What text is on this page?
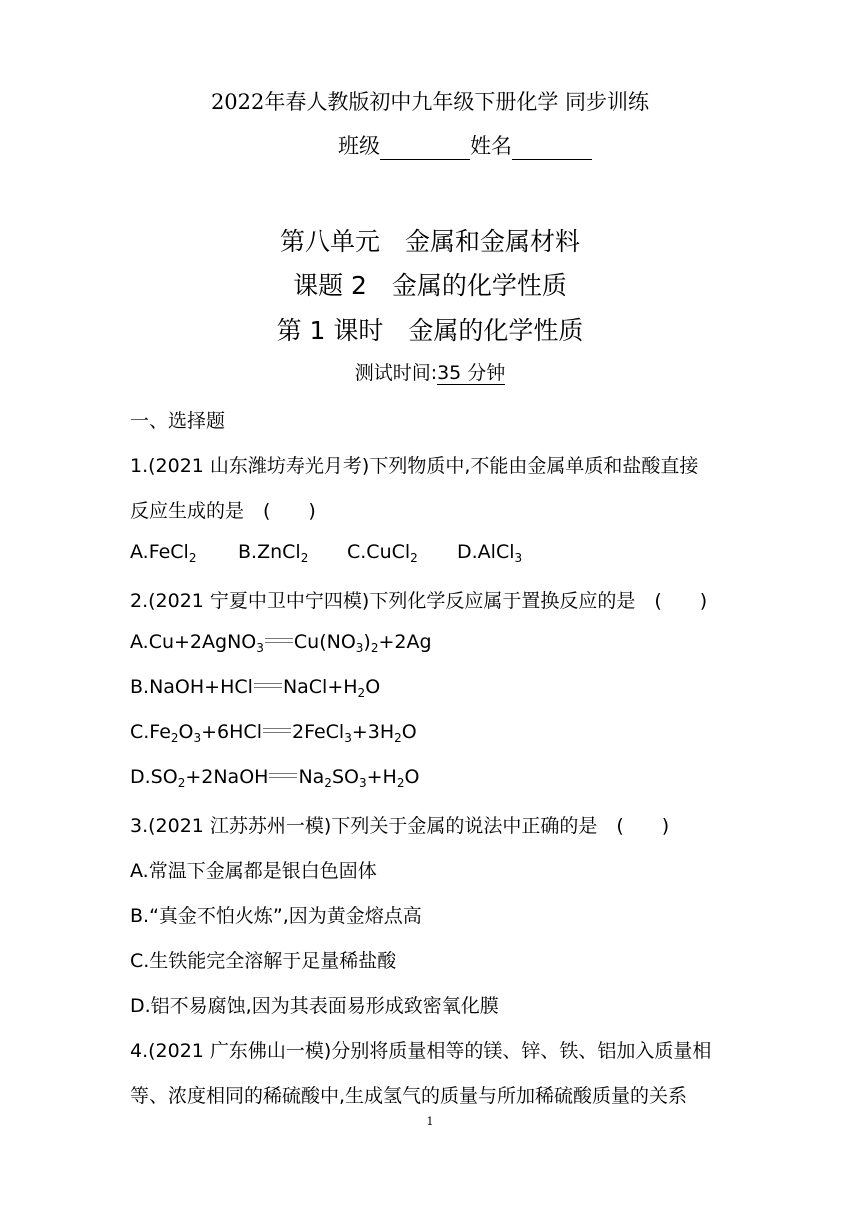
2022年春人教版初中九年级下册化学 同步训练
班级	姓名
第八单元　金属和金属材料
课题 2　金属的化学性质
第 1 课时　金属的化学性质
测试时间:35 分钟
一、选择题
1.(2021 山东潍坊寿光月考)下列物质中,不能由金属单质和盐酸直接
反应生成的是　(　　)
A.FeCl$_2$ B.ZnCl$_2$ C.CuCl$_2$ D.AlCl$_3$
2.(2021 宁夏中卫中宁四模)下列化学反应属于置换反应的是　(　　)
A.Cu+2AgNO$_3$ $Cu(NO_3)_2+2Ag$
B.NaOH+HCl $NaCl+H_2O$
$C.Fe_2O_3+6HCl$ $2FeCl_3+3H_2O$
$D.SO_2+2NaOH$ $Na_2SO_3+H_2O$
3.(2021 江苏苏州一模)下列关于金属的说法中正确的是　(　　)
A.常温下金属都是银白色固体
B.“真金不怕火炼”,因为黄金熔点高
C.生铁能完全溶解于足量稀盐酸
D.铝不易腐蚀,因为其表面易形成致密氧化膜
4.(2021 广东佛山一模)分别将质量相等的镁、锌、铁、铝加入质量相
等、浓度相同的稀硫酸中,生成氢气的质量与所加稀硫酸质量的关系
1
